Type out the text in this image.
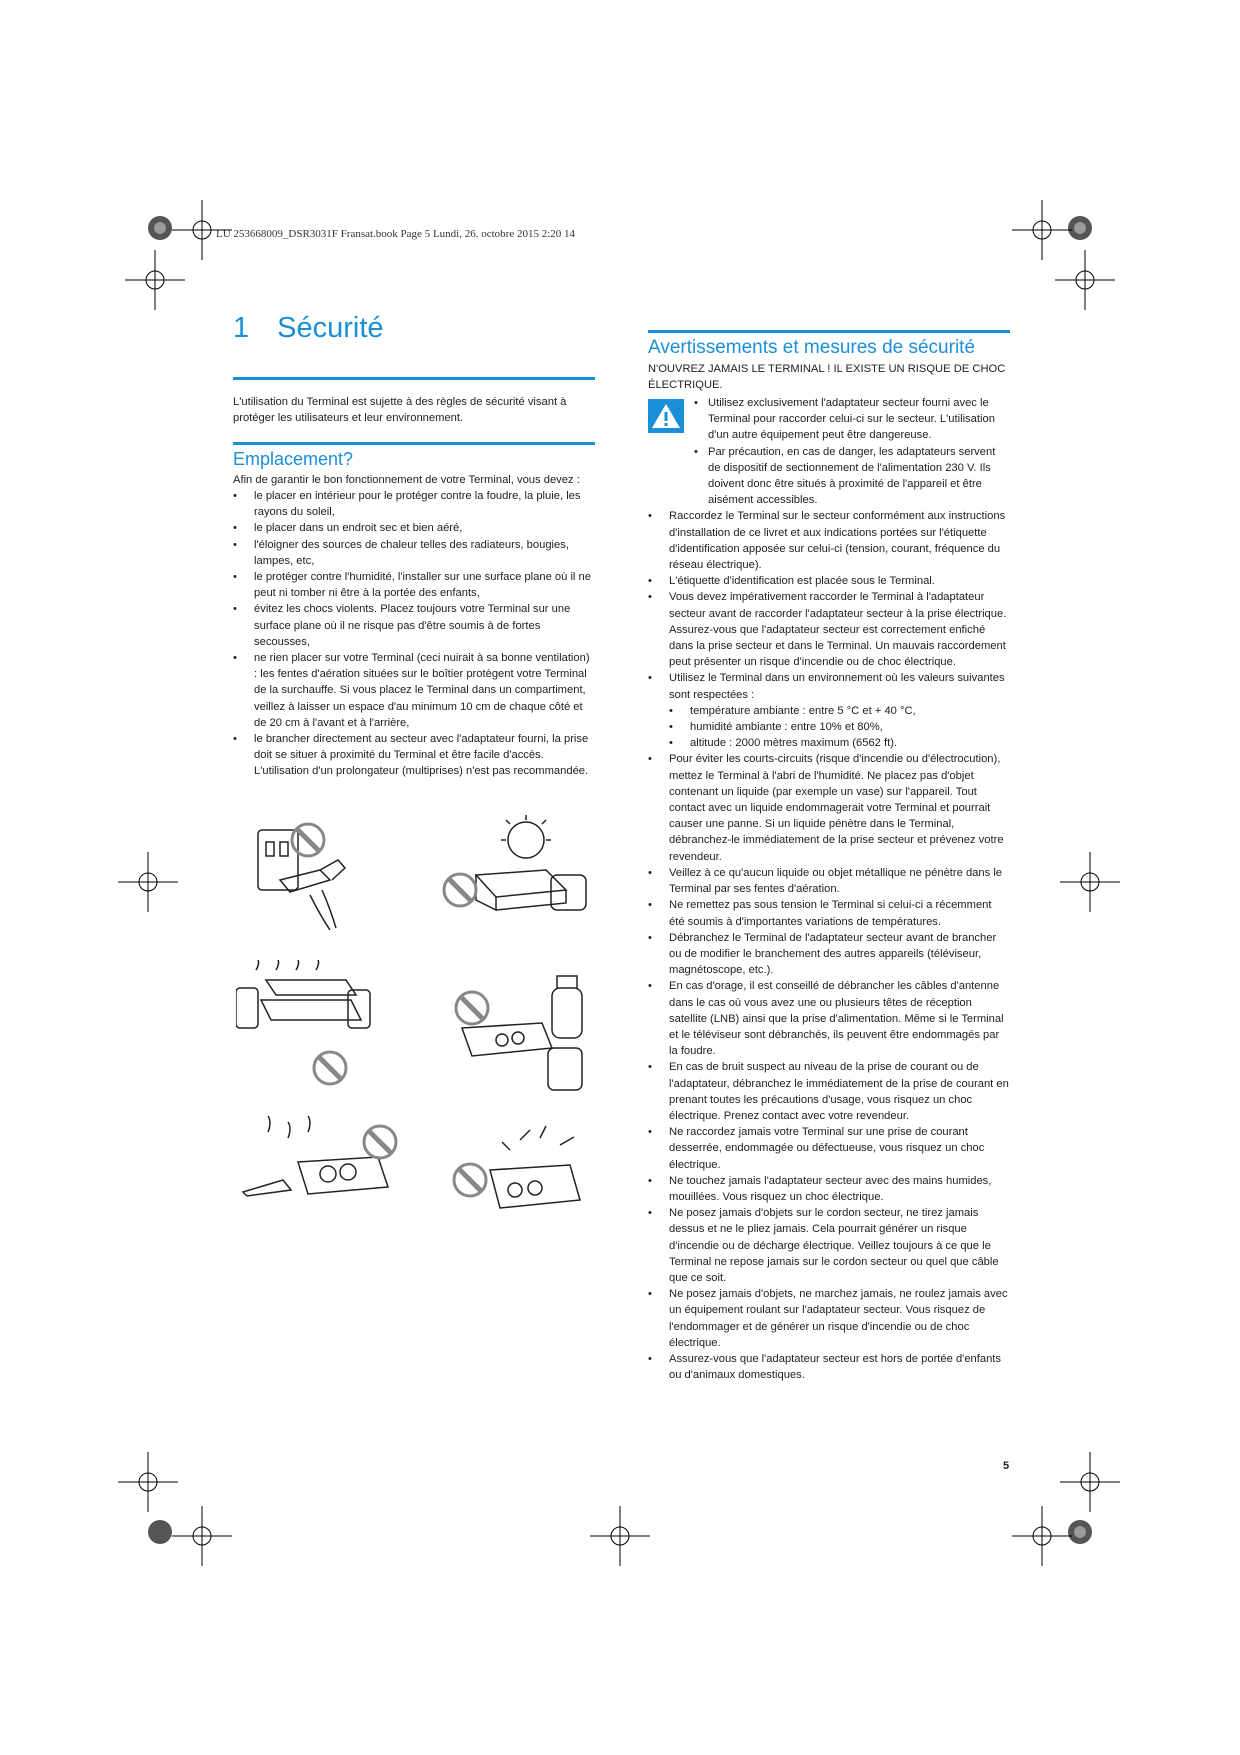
LU 253668009_DSR3031F Fransat.book Page 5 Lundi, 26. octobre 2015 2:20 14
1 Sécurité

L'utilisation du Terminal est sujette à des règles de sécurité visant à protéger les utilisateurs et leur environnement.

Emplacement?

Afin de garantir le bon fonctionnement de votre Terminal, vous devez :

• le placer en intérieur pour le protéger contre la foudre, la pluie, les rayons du soleil,
• le placer dans un endroit sec et bien aéré,
• l'éloigner des sources de chaleur telles des radiateurs, bougies, lampes, etc,
• le protéger contre l'humidité, l'installer sur une surface plane où il ne peut ni tomber ni être à la portée des enfants,
• évitez les chocs violents. Placez toujours votre Terminal sur une surface plane où il ne risque pas d'être soumis à de fortes secousses,
• ne rien placer sur votre Terminal (ceci nuirait à sa bonne ventilation) : les fentes d'aération situées sur le boîtier protègent votre Terminal de la surchauffe. Si vous placez le Terminal dans un compartiment, veillez à laisser un espace d'au minimum 10 cm de chaque côté et de 20 cm à l'avant et à l'arrière,
• le brancher directement au secteur avec l'adaptateur fourni, la prise doit se situer à proximité du Terminal et être facile d'accès. L'utilisation d'un prolongateur (multiprises) n'est pas recommandée.
Avertissements et mesures de sécurité

N'OUVREZ JAMAIS LE TERMINAL ! IL EXISTE UN RISQUE DE CHOC ÉLECTRIQUE.

• Utilisez exclusivement l'adaptateur secteur fourni avec le Terminal pour raccorder celui-ci sur le secteur. L'utilisation d'un autre équipement peut être dangereuse.
• Par précaution, en cas de danger, les adaptateurs servent de dispositif de sectionnement de l'alimentation 230 V. Ils doivent donc être situés à proximité de l'appareil et être aisément accessibles.
• Raccordez le Terminal sur le secteur conformément aux instructions d'installation de ce livret et aux indications portées sur l'étiquette d'identification apposée sur celui-ci (tension, courant, fréquence du réseau électrique).
• L'étiquette d'identification est placée sous le Terminal.
• Vous devez impérativement raccorder le Terminal à l'adaptateur secteur avant de raccorder l'adaptateur secteur à la prise électrique. Assurez-vous que l'adaptateur secteur est correctement enfiché dans la prise secteur et dans le Terminal. Un mauvais raccordement peut présenter un risque d'incendie ou de choc électrique.
• Utilisez le Terminal dans un environnement où les valeurs suivantes sont respectées :
• température ambiante : entre 5 °C et + 40 °C,
• humidité ambiante : entre 10% et 80%,
• altitude : 2000 mètres maximum (6562 ft).
• Pour éviter les courts-circuits (risque d'incendie ou d'électrocution), mettez le Terminal à l'abri de l'humidité. Ne placez pas d'objet contenant un liquide (par exemple un vase) sur l'appareil. Tout contact avec un liquide endommagerait votre Terminal et pourrait causer une panne. Si un liquide pénètre dans le Terminal, débranchez-le immédiatement de la prise secteur et prévenez votre revendeur.
• Veillez à ce qu'aucun liquide ou objet métallique ne pénètre dans le Terminal par ses fentes d'aération.
• Ne remettez pas sous tension le Terminal si celui-ci a récemment été soumis à d'importantes variations de températures.
• Débranchez le Terminal de l'adaptateur secteur avant de brancher ou de modifier le branchement des autres appareils (téléviseur, magnétoscope, etc.).
• En cas d'orage, il est conseillé de débrancher les câbles d'antenne dans le cas où vous avez une ou plusieurs têtes de réception satellite (LNB) ainsi que la prise d'alimentation. Même si le Terminal et le téléviseur sont débranchés, ils peuvent être endommagés par la foudre.
• En cas de bruit suspect au niveau de la prise de courant ou de l'adaptateur, débranchez le immédiatement de la prise de courant en prenant toutes les précautions d'usage, vous risquez un choc électrique. Prenez contact avec votre revendeur.
• Ne raccordez jamais votre Terminal sur une prise de courant desserrée, endommagée ou défectueuse, vous risquez un choc électrique.
• Ne touchez jamais l'adaptateur secteur avec des mains humides, mouillées. Vous risquez un choc électrique.
• Ne posez jamais d'objets sur le cordon secteur, ne tirez jamais dessus et ne le pliez jamais. Cela pourrait générer un risque d'incendie ou de décharge électrique. Veillez toujours à ce que le Terminal ne repose jamais sur le cordon secteur ou quel que câble que ce soit.
• Ne posez jamais d'objets, ne marchez jamais, ne roulez jamais avec un équipement roulant sur l'adaptateur secteur. Vous risquez de l'endommager et de générer un risque d'incendie ou de choc électrique.
• Assurez-vous que l'adaptateur secteur est hors de portée d'enfants ou d'animaux domestiques.
5
